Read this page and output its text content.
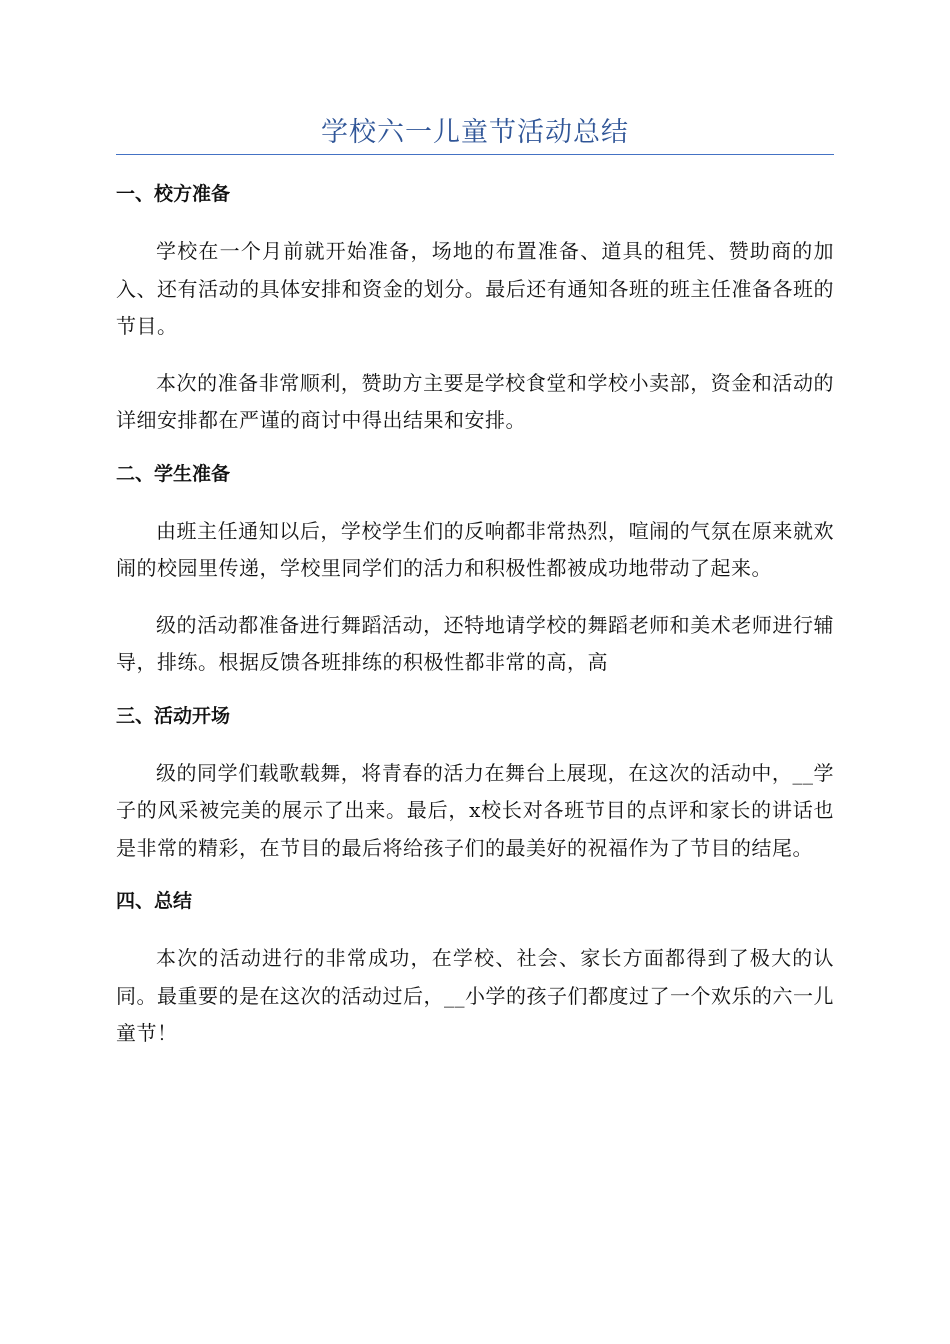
学校六一儿童节活动总结
一、校方准备

学校在一个月前就开始准备，场地的布置准备、道具的租凭、赞助商的加入、还有活动的具体安排和资金的划分。最后还有通知各班的班主任准备各班的节目。

本次的准备非常顺利，赞助方主要是学校食堂和学校小卖部，资金和活动的详细安排都在严谨的商讨中得出结果和安排。

二、学生准备

由班主任通知以后，学校学生们的反响都非常热烈，喧闹的气氛在原来就欢闹的校园里传递，学校里同学们的活力和积极性都被成功地带动了起来。

级的活动都准备进行舞蹈活动，还特地请学校的舞蹈老师和美术老师进行辅导，排练。根据反馈各班排练的积极性都非常的高，高

三、活动开场

级的同学们载歌载舞，将青春的活力在舞台上展现，在这次的活动中，__学子的风采被完美的展示了出来。最后，x校长对各班节目的点评和家长的讲话也是非常的精彩，在节目的最后将给孩子们的最美好的祝福作为了节目的结尾。

四、总结

本次的活动进行的非常成功，在学校、社会、家长方面都得到了极大的认同。最重要的是在这次的活动过后，__小学的孩子们都度过了一个欢乐的六一儿童节！
